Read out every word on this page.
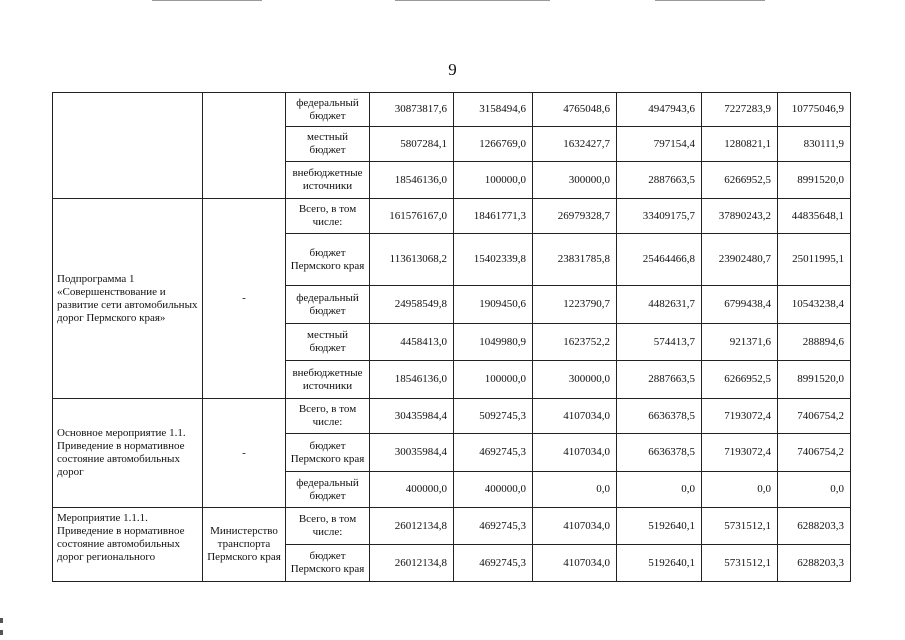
9
		федеральный бюджет	30873817,6	3158494,6	4765048,6	4947943,6	7227283,9	10775046,9
		местный бюджет	5807284,1	1266769,0	1632427,7	797154,4	1280821,1	830111,9
		внебюджетные источники	18546136,0	100000,0	300000,0	2887663,5	6266952,5	8991520,0
Подпрограмма 1 «Совершенствование и развитие сети автомобильных дорог Пермского края»	-	Всего, в том числе:	161576167,0	18461771,3	26979328,7	33409175,7	37890243,2	44835648,1
		бюджет Пермского края	113613068,2	15402339,8	23831785,8	25464466,8	23902480,7	25011995,1
		федеральный бюджет	24958549,8	1909450,6	1223790,7	4482631,7	6799438,4	10543238,4
		местный бюджет	4458413,0	1049980,9	1623752,2	574413,7	921371,6	288894,6
		внебюджетные источники	18546136,0	100000,0	300000,0	2887663,5	6266952,5	8991520,0
Основное мероприятие 1.1. Приведение в нормативное состояние автомобильных дорог	-	Всего, в том числе:	30435984,4	5092745,3	4107034,0	6636378,5	7193072,4	7406754,2
		бюджет Пермского края	30035984,4	4692745,3	4107034,0	6636378,5	7193072,4	7406754,2
		федеральный бюджет	400000,0	400000,0	0,0	0,0	0,0	0,0
Мероприятие 1.1.1. Приведение в нормативное состояние автомобильных дорог регионального	Министерство транспорта Пермского края	Всего, в том числе:	26012134,8	4692745,3	4107034,0	5192640,1	5731512,1	6288203,3
		бюджет Пермского края	26012134,8	4692745,3	4107034,0	5192640,1	5731512,1	6288203,3
